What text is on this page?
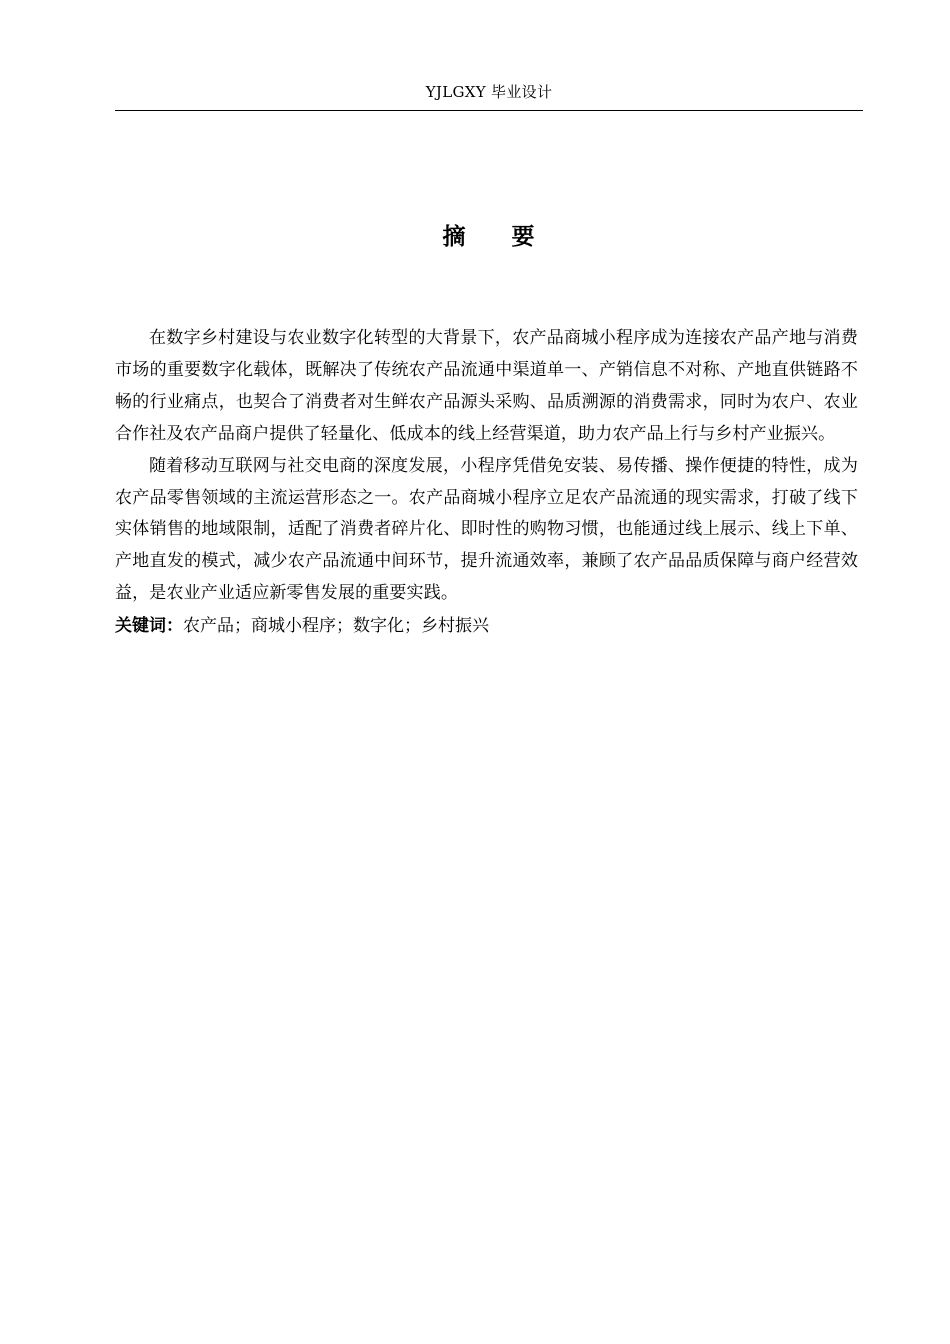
YJLGXY 毕业设计
摘 要

在数字乡村建设与农业数字化转型的大背景下，农产品商城小程序成为连接农产品产地与消费市场的重要数字化载体，既解决了传统农产品流通中渠道单一、产销信息不对称、产地直供链路不畅的行业痛点，也契合了消费者对生鲜农产品源头采购、品质溯源的消费需求，同时为农户、农业合作社及农产品商户提供了轻量化、低成本的线上经营渠道，助力农产品上行与乡村产业振兴。

随着移动互联网与社交电商的深度发展，小程序凭借免安装、易传播、操作便捷的特性，成为农产品零售领域的主流运营形态之一。农产品商城小程序立足农产品流通的现实需求，打破了线下实体销售的地域限制，适配了消费者碎片化、即时性的购物习惯，也能通过线上展示、线上下单、产地直发的模式，减少农产品流通中间环节，提升流通效率，兼顾了农产品品质保障与商户经营效益，是农业产业适应新零售发展的重要实践。

关键词：农产品；商城小程序；数字化；乡村振兴
